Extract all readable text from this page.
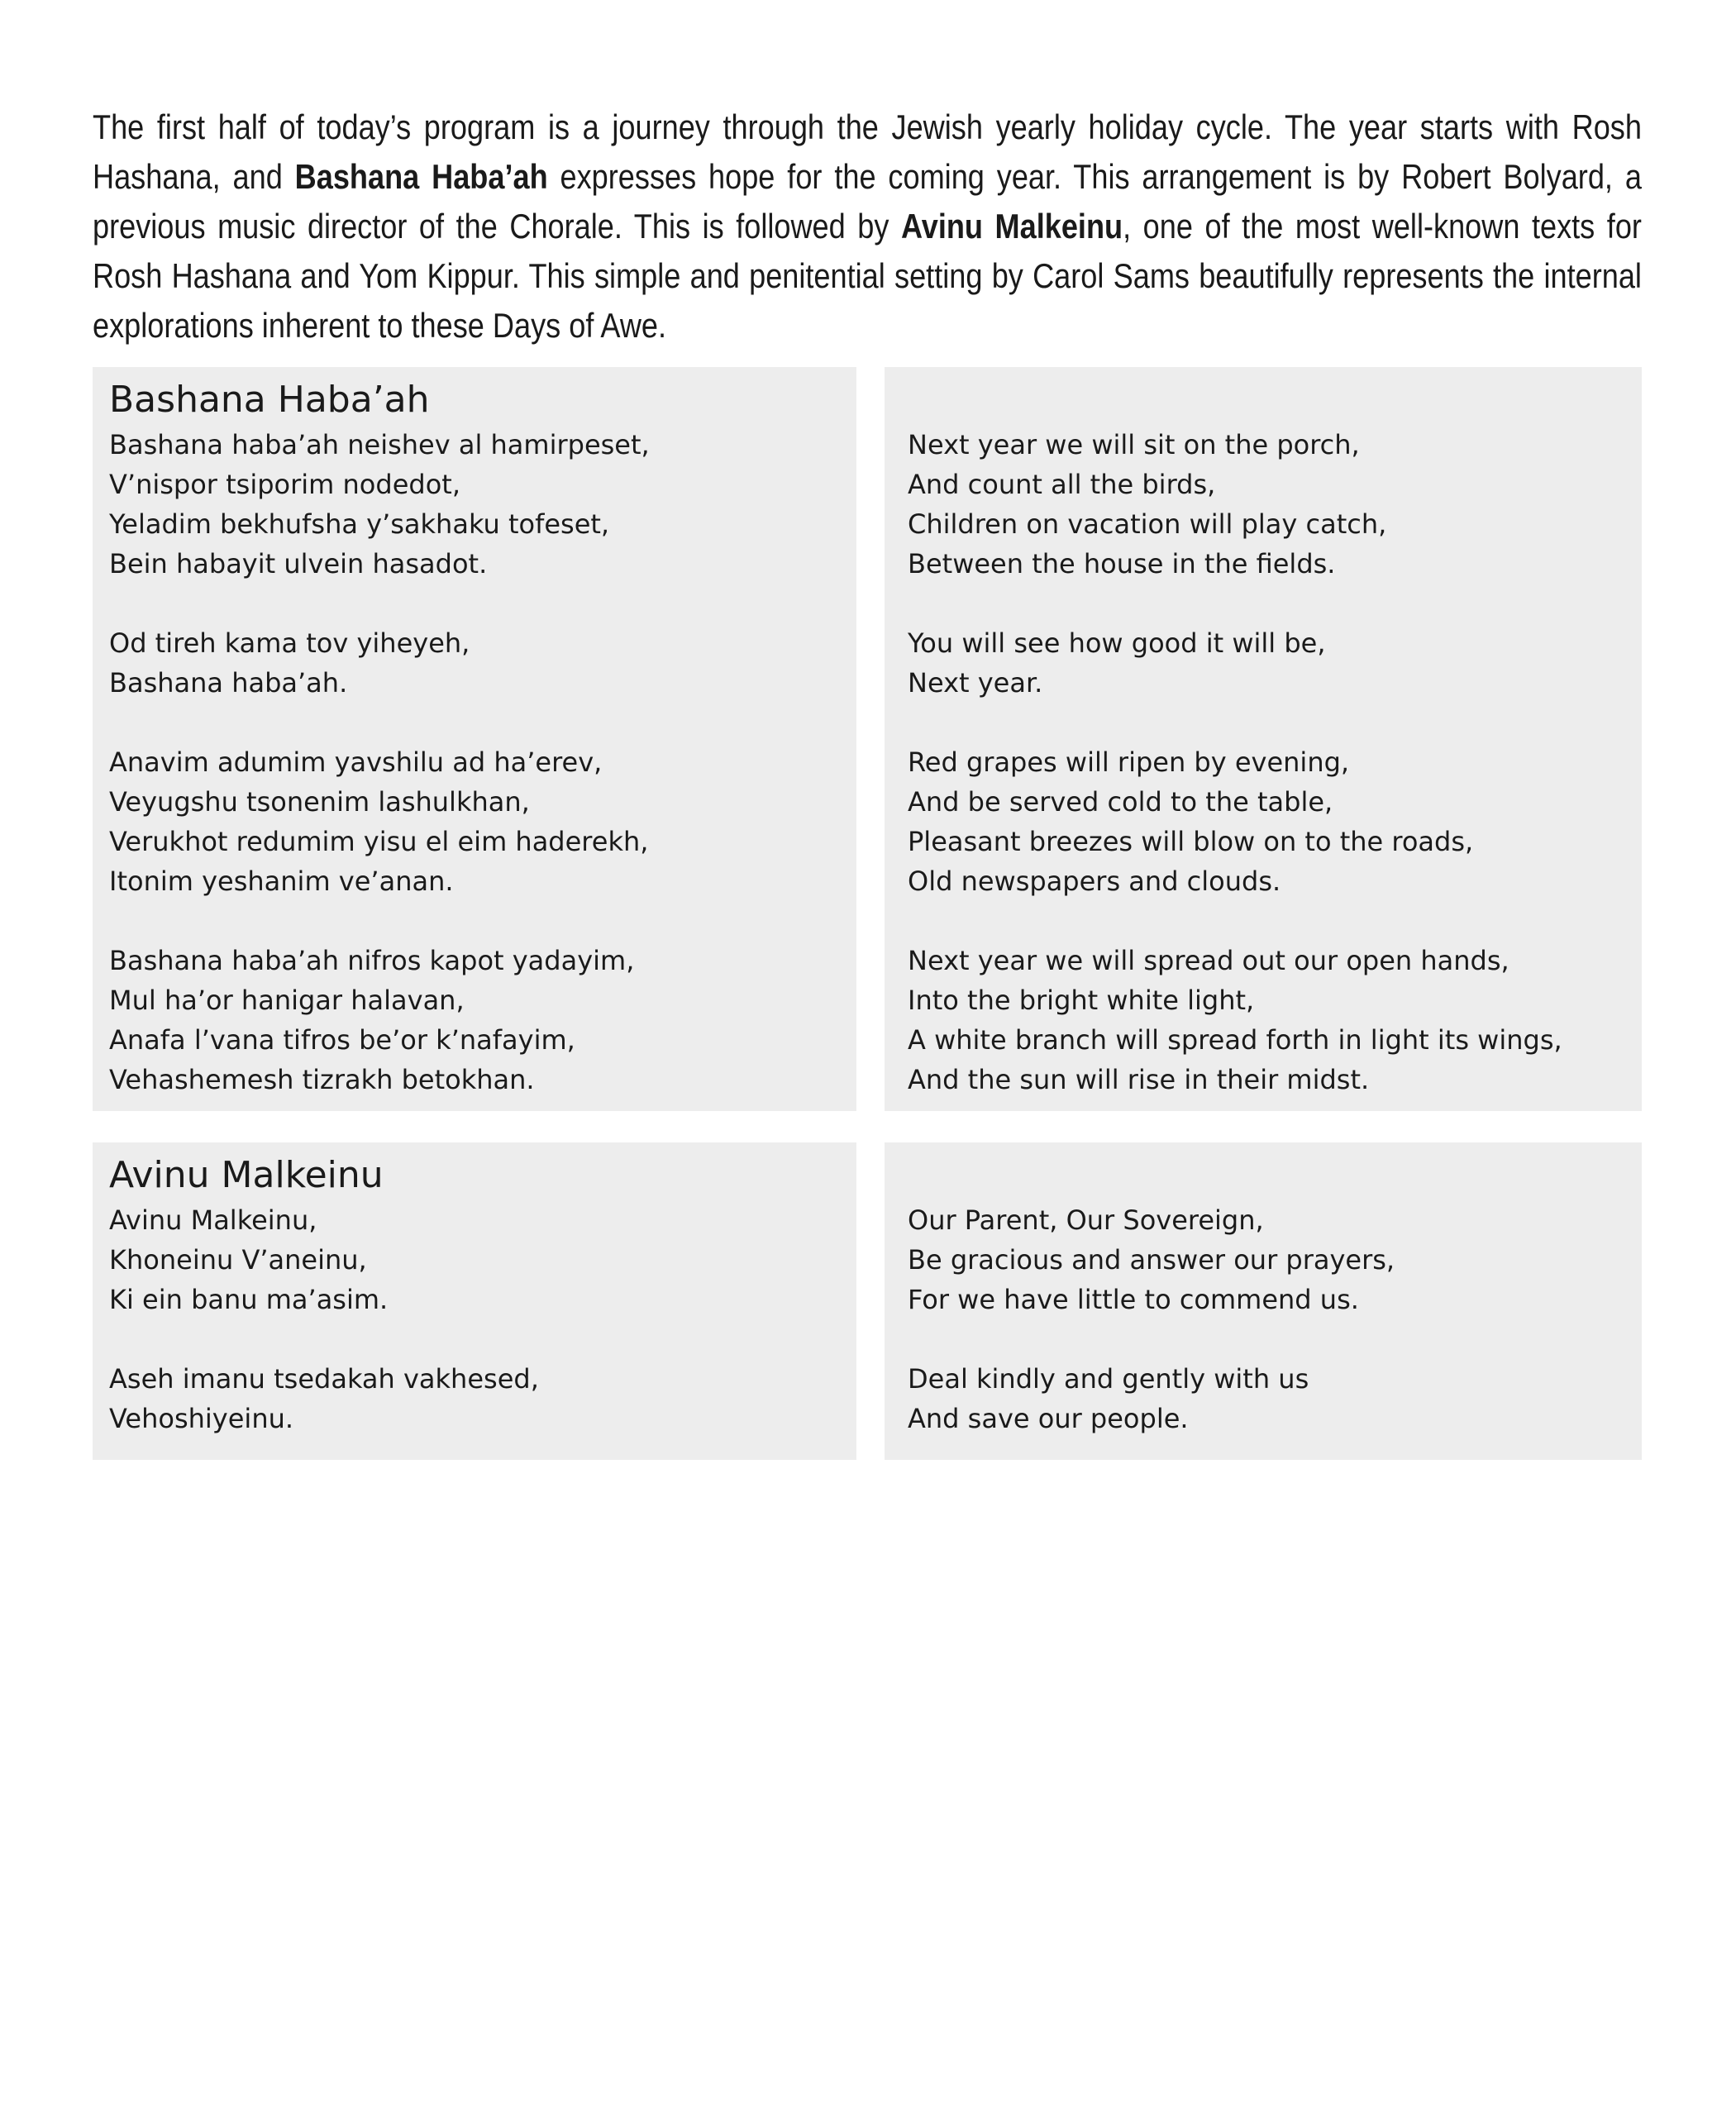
The first half of today’s program is a journey through the Jewish yearly holiday cycle. The year starts with Rosh Hashana, and Bashana Haba’ah expresses hope for the coming year. This arrangement is by Robert Bolyard, a previous music director of the Chorale. This is followed by Avinu Malkeinu, one of the most well-known texts for Rosh Hashana and Yom Kippur. This simple and penitential setting by Carol Sams beautifully represents the internal explorations inherent to these Days of Awe.
Bashana Haba’ah
Bashana haba’ah neishev al hamirpeset,
V’nispor tsiporim nodedot,
Yeladim bekhufsha y’sakhaku tofeset,
Bein habayit ulvein hasadot.
Od tireh kama tov yiheyeh,
Bashana haba’ah.
Anavim adumim yavshilu ad ha’erev,
Veyugshu tsonenim lashulkhan,
Verukhot redumim yisu el eim haderekh,
Itonim yeshanim ve’anan.
Bashana haba’ah nifros kapot yadayim,
Mul ha’or hanigar halavan,
Anafa l’vana tifros be’or k’nafayim,
Vehashemesh tizrakh betokhan.
Next year we will sit on the porch,
And count all the birds,
Children on vacation will play catch,
Between the house in the fields.
You will see how good it will be,
Next year.
Red grapes will ripen by evening,
And be served cold to the table,
Pleasant breezes will blow on to the roads,
Old newspapers and clouds.
Next year we will spread out our open hands,
Into the bright white light,
A white branch will spread forth in light its wings,
And the sun will rise in their midst.
Avinu Malkeinu
Avinu Malkeinu,
Khoneinu V’aneinu,
Ki ein banu ma’asim.
Aseh imanu tsedakah vakhesed,
Vehoshiyeinu.
Our Parent, Our Sovereign,
Be gracious and answer our prayers,
For we have little to commend us.
Deal kindly and gently with us
And save our people.
